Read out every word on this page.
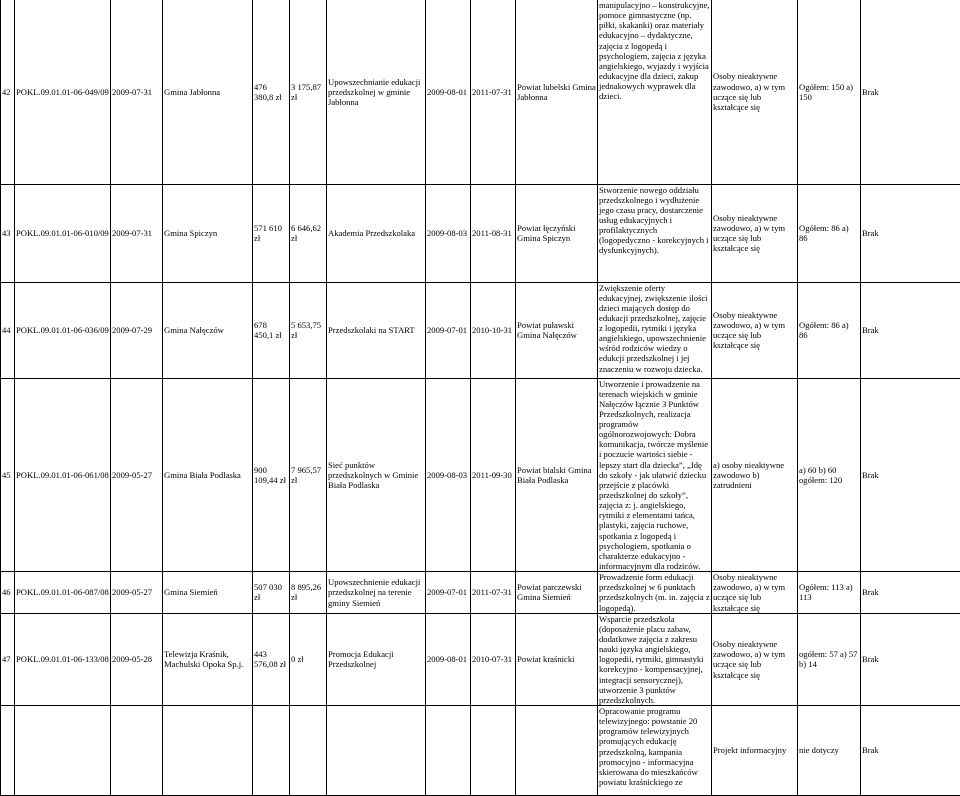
42	POKL.09.01.01-06-049/09	2009-07-31	Gmina Jabłonna	476 380,8 zł	3 175,87 zł	Upowszechnianie edukacji przedszkolnej w gminie Jabłonna	2009-08-01	2011-07-31	Powiat lubelski Gmina Jabłonna	manipulacyjno – konstrukcyjne, pomoce gimnastyczne (np. piłki, skakanki) oraz materiały edukacyjno – dydaktyczne, zajęcia z logopedą i psychologiem, zajęcia z języka angielskiego, wyjazdy i wyjścia edukacyjne dla dzieci, zakup jednakowych wyprawek dla dzieci.	Osoby nieaktywne zawodowo, a) w tym uczące się lub kształcące się	Ogółem: 150 a) 150	Brak
43	POKL.09.01.01-06-010/09	2009-07-31	Gmina Spiczyn	571 610 zł	6 646,62 zł	Akademia Przedszkolaka	2009-08-03	2011-08-31	Powiat łęczyński Gmina Spiczyn	Stworzenie nowego oddziału przedszkolnego i wydłużenie jego czasu pracy, dostarczenie usług edukacyjnych i profilaktycznych (logopedyczno - korekcyjnych i dysfunkcyjnych).	Osoby nieaktywne zawodowo, a) w tym uczące się lub kształcące się	Ogółem: 86 a) 86	Brak
44	POKL.09.01.01-06-036/09	2009-07-29	Gmina Nałęczów	678 450,1 zł	5 653,75 zł	Przedszkolaki na START	2009-07-01	2010-10-31	Powiat puławski Gmina Nałęczów	Zwiększenie oferty edukacyjnej, zwiększenie ilości dzieci mających dostęp do edukacji przedszkolnej, zajęcie z logopedii, rytmiki i języka angielskiego, upowszechnienie wśród rodziców wiedzy o edukcji przedszkolnej i jej znaczeniu w rozwoju dziecka.	Osoby nieaktywne zawodowo, a) w tym uczące się lub kształcące się	Ogółem: 86 a) 86	Brak
45	POKL.09.01.01-06-061/08	2009-05-27	Gmina Biała Podlaska	900 109,44 zł	7 965,57 zł	Sieć punktów przedszkolnych w Gminie Biała Podlaska	2009-08-03	2011-09-30	Powiat bialski Gmina Biała Podlaska	Utworzenie i prowadzenie na terenach wiejskich w gminie Nałęczów łącznie 3 Punktów Przedszkolnych, realizacja programów ogólnorozwojowych: Dobra komunikacja, twórcze myślenie i poczucie wartości siebie - lepszy start dla dziecka”, „Idę do szkoły - jak ułatwić dziecku przejście z placówki przedszkolnej do szkoły”, zajęcia z: j. angielskiego, rytmiki z elementami tańca, plastyki, zajęcia ruchowe, spotkania z logopedą i psychologiem, spotkania o charakterze edukacyjno - informacyjnym dla rodziców.	a) osoby nieaktywne zawodowo b) zatrudnieni	a) 60 b) 60 ogółem: 120	Brak
46	POKL.09.01.01-06-087/08	2009-05-27	Gmina Siemień	507 030 zł	8 895,26 zł	Upowszechnienie edukacji przedszkolnej na terenie gminy Siemień	2009-07-01	2011-07-31	Powiat parczewski Gmina Siemień	Prowadzenie form edukacji przedszkolnej w 6 punktach przedszkolnych (m. in. zajęcia z logopedą).	Osoby nieaktywne zawodowo, a) w tym uczące się lub kształcące się	Ogółem: 113 a) 113	Brak
47	POKL.09.01.01-06-133/08	2009-05-28	Telewizja Kraśnik, Machulski Opoka Sp.j.	443 576,08 zł	0 zł	Promocja Edukacji Przedszkolnej	2009-08-01	2010-07-31	Powiat kraśnicki	Wsparcie przedszkola (doposażenie placu zabaw, dodatkowe zajęcia z zakresu nauki języka angielskiego, logopedii, rytmiki, gimnastyki korekcyjno - kompensacyjnej, integracji sensorycznej), utworzenie 3 punktów przedszkolnych.	Osoby nieaktywne zawodowo, a) w tym uczące się lub kształcące się	ogółem: 57 a) 57 b) 14	Brak
										Opracowanie programu telewizyjnego: powstanie 20 programów telewizyjnych promujących edukację przedszkolną, kampania promocyjno - informacyjna skierowana do mieszkańców powiatu kraśnickiego ze	Projekt informacyjny	nie dotyczy	Brak
